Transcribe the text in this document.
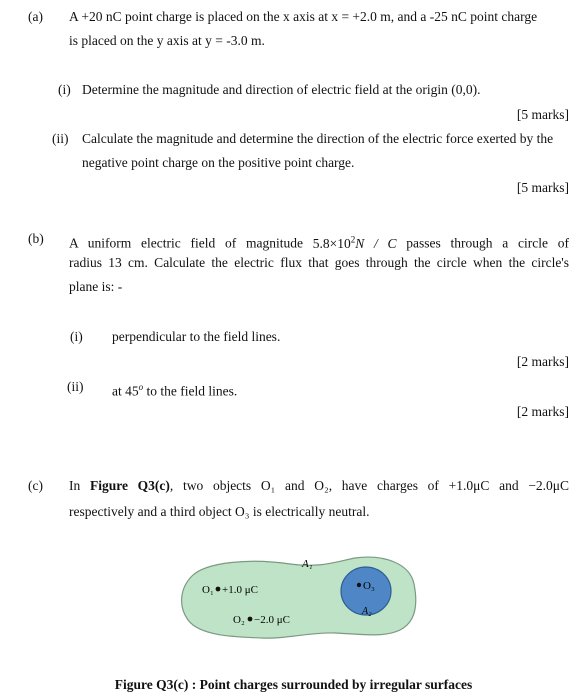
(a) A +20 nC point charge is placed on the x axis at x = +2.0 m, and a -25 nC point charge
is placed on the y axis at y = -3.0 m.
(i) Determine the magnitude and direction of electric field at the origin (0,0).
[5 marks]
(ii) Calculate the magnitude and determine the direction of the electric force exerted by the
negative point charge on the positive point charge.
[5 marks]
(b) A uniform electric field of magnitude $5.8\times 10^2N / C$ passes through a circle of
radius 13 cm. Calculate the electric flux that goes through the circle when the circle's
plane is: -
(i) perpendicular to the field lines.
[2 marks]
(ii) at 45$^o$ to the field lines.
[2 marks]
(c) In Figure Q3(c), two objects O₁ and O₂, have charges of +1.0μC and −2.0μC
respectively and a third object O₃ is electrically neutral.
A₁
A₂
O₁ +1.0 μC
O₂ −2.0 μC
O₃
Figure Q3(c) : Point charges surrounded by irregular surfaces
